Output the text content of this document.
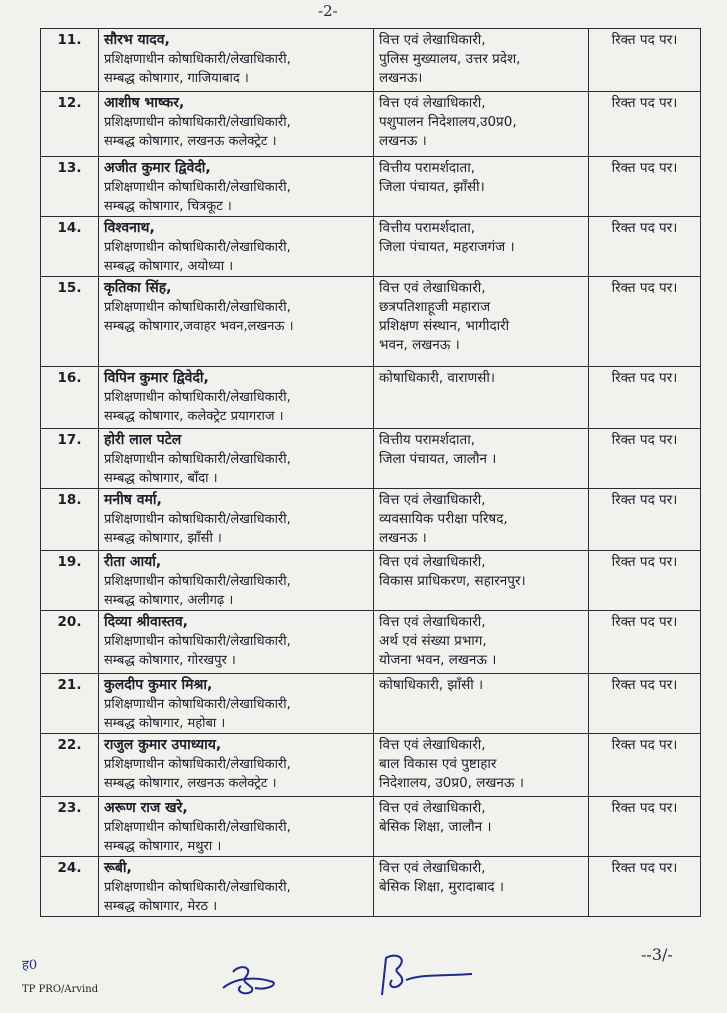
-2-
11.	सौरभ यादव,
प्रशिक्षणाधीन कोषाधिकारी/लेखाधिकारी,
सम्बद्ध कोषागार, गाजियाबाद ।	वित्त एवं लेखाधिकारी,
पुलिस मुख्यालय, उत्तर प्रदेश,
लखनऊ।	रिक्त पद पर।
12.	आशीष भाष्कर,
प्रशिक्षणाधीन कोषाधिकारी/लेखाधिकारी,
सम्बद्ध कोषागार, लखनऊ कलेक्ट्रेट ।	वित्त एवं लेखाधिकारी,
पशुपालन निदेशालय,उ0प्र0,
लखनऊ ।	रिक्त पद पर।
13.	अजीत कुमार द्विवेदी,
प्रशिक्षणाधीन कोषाधिकारी/लेखाधिकारी,
सम्बद्ध कोषागार, चित्रकूट ।	वित्तीय परामर्शदाता,
जिला पंचायत, झाँसी।	रिक्त पद पर।
14.	विश्वनाथ,
प्रशिक्षणाधीन कोषाधिकारी/लेखाधिकारी,
सम्बद्ध कोषागार, अयोध्या ।	वित्तीय परामर्शदाता,
जिला पंचायत, महराजगंज ।	रिक्त पद पर।
15.	कृतिका सिंह,
प्रशिक्षणाधीन कोषाधिकारी/लेखाधिकारी,
सम्बद्ध कोषागार,जवाहर भवन,लखनऊ ।	वित्त एवं लेखाधिकारी,
छत्रपतिशाहूजी महाराज
प्रशिक्षण संस्थान, भागीदारी
भवन, लखनऊ ।	रिक्त पद पर।
16.	विपिन कुमार द्विवेदी,
प्रशिक्षणाधीन कोषाधिकारी/लेखाधिकारी,
सम्बद्ध कोषागार, कलेक्ट्रेट प्रयागराज ।	कोषाधिकारी, वाराणसी।	रिक्त पद पर।
17.	होरी लाल पटेल
प्रशिक्षणाधीन कोषाधिकारी/लेखाधिकारी,
सम्बद्ध कोषागार, बाँदा ।	वित्तीय परामर्शदाता,
जिला पंचायत, जालौन ।	रिक्त पद पर।
18.	मनीष वर्मा,
प्रशिक्षणाधीन कोषाधिकारी/लेखाधिकारी,
सम्बद्ध कोषागार, झाँसी ।	वित्त एवं लेखाधिकारी,
व्यवसायिक परीक्षा परिषद,
लखनऊ ।	रिक्त पद पर।
19.	रीता आर्या,
प्रशिक्षणाधीन कोषाधिकारी/लेखाधिकारी,
सम्बद्ध कोषागार, अलीगढ़ ।	वित्त एवं लेखाधिकारी,
विकास प्राधिकरण, सहारनपुर।	रिक्त पद पर।
20.	दिव्या श्रीवास्तव,
प्रशिक्षणाधीन कोषाधिकारी/लेखाधिकारी,
सम्बद्ध कोषागार, गोरखपुर ।	वित्त एवं लेखाधिकारी,
अर्थ एवं संख्या प्रभाग,
योजना भवन, लखनऊ ।	रिक्त पद पर।
21.	कुलदीप कुमार मिश्रा,
प्रशिक्षणाधीन कोषाधिकारी/लेखाधिकारी,
सम्बद्ध कोषागार, महोबा ।	कोषाधिकारी, झाँसी ।	रिक्त पद पर।
22.	राजुल कुमार उपाध्याय,
प्रशिक्षणाधीन कोषाधिकारी/लेखाधिकारी,
सम्बद्ध कोषागार, लखनऊ कलेक्ट्रेट ।	वित्त एवं लेखाधिकारी,
बाल विकास एवं पुष्टाहार
निदेशालय, उ0प्र0, लखनऊ ।	रिक्त पद पर।
23.	अरूण राज खरे,
प्रशिक्षणाधीन कोषाधिकारी/लेखाधिकारी,
सम्बद्ध कोषागार, मथुरा ।	वित्त एवं लेखाधिकारी,
बेसिक शिक्षा, जालौन ।	रिक्त पद पर।
24.	रूबी,
प्रशिक्षणाधीन कोषाधिकारी/लेखाधिकारी,
सम्बद्ध कोषागार, मेरठ ।	वित्त एवं लेखाधिकारी,
बेसिक शिक्षा, मुरादाबाद ।	रिक्त पद पर।
ह0
TP PRO/Arvind
--3/-
